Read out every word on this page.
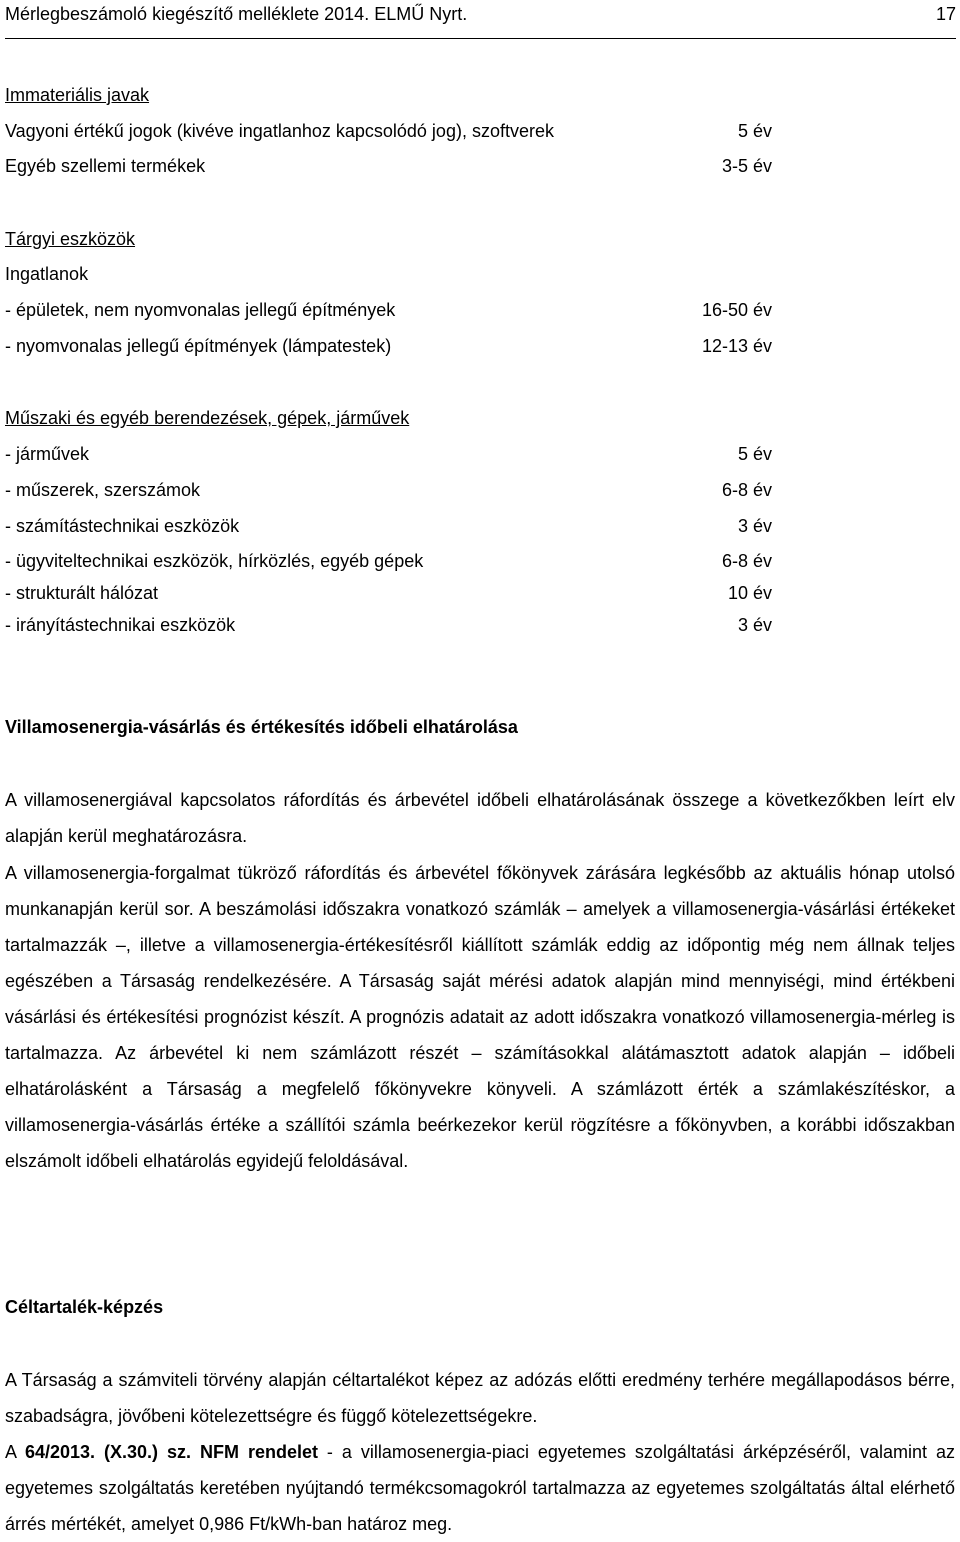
Mérlegbeszámoló kiegészítő melléklete 2014. ELMŰ Nyrt.	17
Immateriális javak
Vagyoni értékű jogok (kivéve ingatlanhoz kapcsolódó jog), szoftverek	5 év
Egyéb szellemi termékek	3-5 év
Tárgyi eszközök
Ingatlanok
- épületek, nem nyomvonalas jellegű építmények	16-50 év
- nyomvonalas jellegű építmények (lámpatestek)	12-13 év
Műszaki és egyéb berendezések, gépek, járművek
- járművek	5 év
- műszerek, szerszámok	6-8 év
- számítástechnikai eszközök	3 év
- ügyviteltechnikai eszközök, hírközlés, egyéb gépek	6-8 év
- strukturált hálózat	10 év
- irányítástechnikai eszközök	3 év
Villamosenergia-vásárlás és értékesítés időbeli elhatárolása

A villamosenergiával kapcsolatos ráfordítás és árbevétel időbeli elhatárolásának összege a következőkben leírt elv alapján kerül meghatározásra.

A villamosenergia-forgalmat tükröző ráfordítás és árbevétel főkönyvek zárására legkésőbb az aktuális hónap utolsó munkanapján kerül sor. A beszámolási időszakra vonatkozó számlák – amelyek a villamosenergia-vásárlási értékeket tartalmazzák –, illetve a villamosenergia-értékesítésről kiállított számlák eddig az időpontig még nem állnak teljes egészében a Társaság rendelkezésére. A Társaság saját mérési adatok alapján mind mennyiségi, mind értékbeni vásárlási és értékesítési prognózist készít. A prognózis adatait az adott időszakra vonatkozó villamosenergia-mérleg is tartalmazza. Az árbevétel ki nem számlázott részét – számításokkal alátámasztott adatok alapján – időbeli elhatárolásként a Társaság a megfelelő főkönyvekre könyveli. A számlázott érték a számlakészítéskor, a villamosenergia-vásárlás értéke a szállítói számla beérkezekor kerül rögzítésre a főkönyvben, a korábbi időszakban elszámolt időbeli elhatárolás egyidejű feloldásával.

Céltartalék-képzés

A Társaság a számviteli törvény alapján céltartalékot képez az adózás előtti eredmény terhére megállapodásos bérre, szabadságra, jövőbeni kötelezettségre és függő kötelezettségekre.

A 64/2013. (X.30.) sz. NFM rendelet - a villamosenergia-piaci egyetemes szolgáltatási árképzéséről, valamint az egyetemes szolgáltatás keretében nyújtandó termékcsomagokról tartalmazza az egyetemes szolgáltatás által elérhető árrés mértékét, amelyet 0,986 Ft/kWh-ban határoz meg.
